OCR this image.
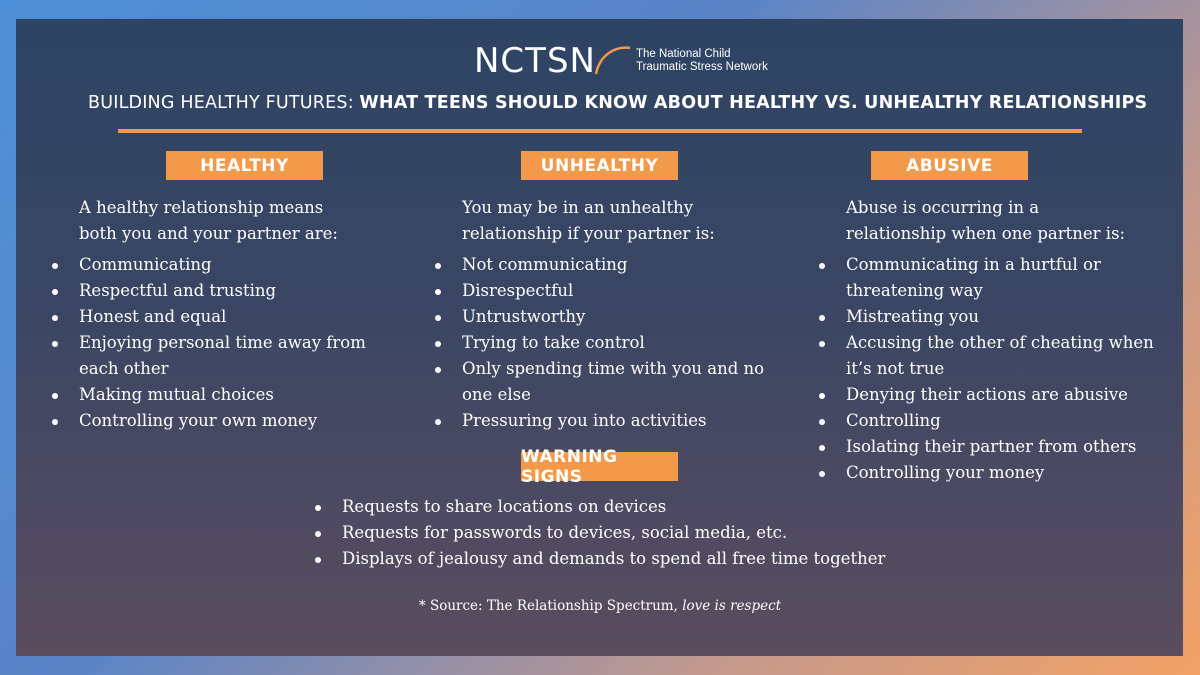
NCTSN	The National Child
Traumatic Stress Network
BUILDING HEALTHY FUTURES: WHAT TEENS SHOULD KNOW ABOUT HEALTHY VS. UNHEALTHY RELATIONSHIPS
HEALTHY
A healthy relationship means
both you and your partner are:
Communicating
Respectful and trusting
Honest and equal
Enjoying personal time away from each other
Making mutual choices
Controlling your own money
UNHEALTHY
You may be in an unhealthy
relationship if your partner is:
Not communicating
Disrespectful
Untrustworthy
Trying to take control
Only spending time with you and no one else
Pressuring you into activities
ABUSIVE
Abuse is occurring in a
relationship when one partner is:
Communicating in a hurtful or threatening way
Mistreating you
Accusing the other of cheating when it’s not true
Denying their actions are abusive
Controlling
Isolating their partner from others
Controlling your money
WARNING SIGNS
Requests to share locations on devices
Requests for passwords to devices, social media, etc.
Displays of jealousy and demands to spend all free time together
* Source: The Relationship Spectrum, love is respect
